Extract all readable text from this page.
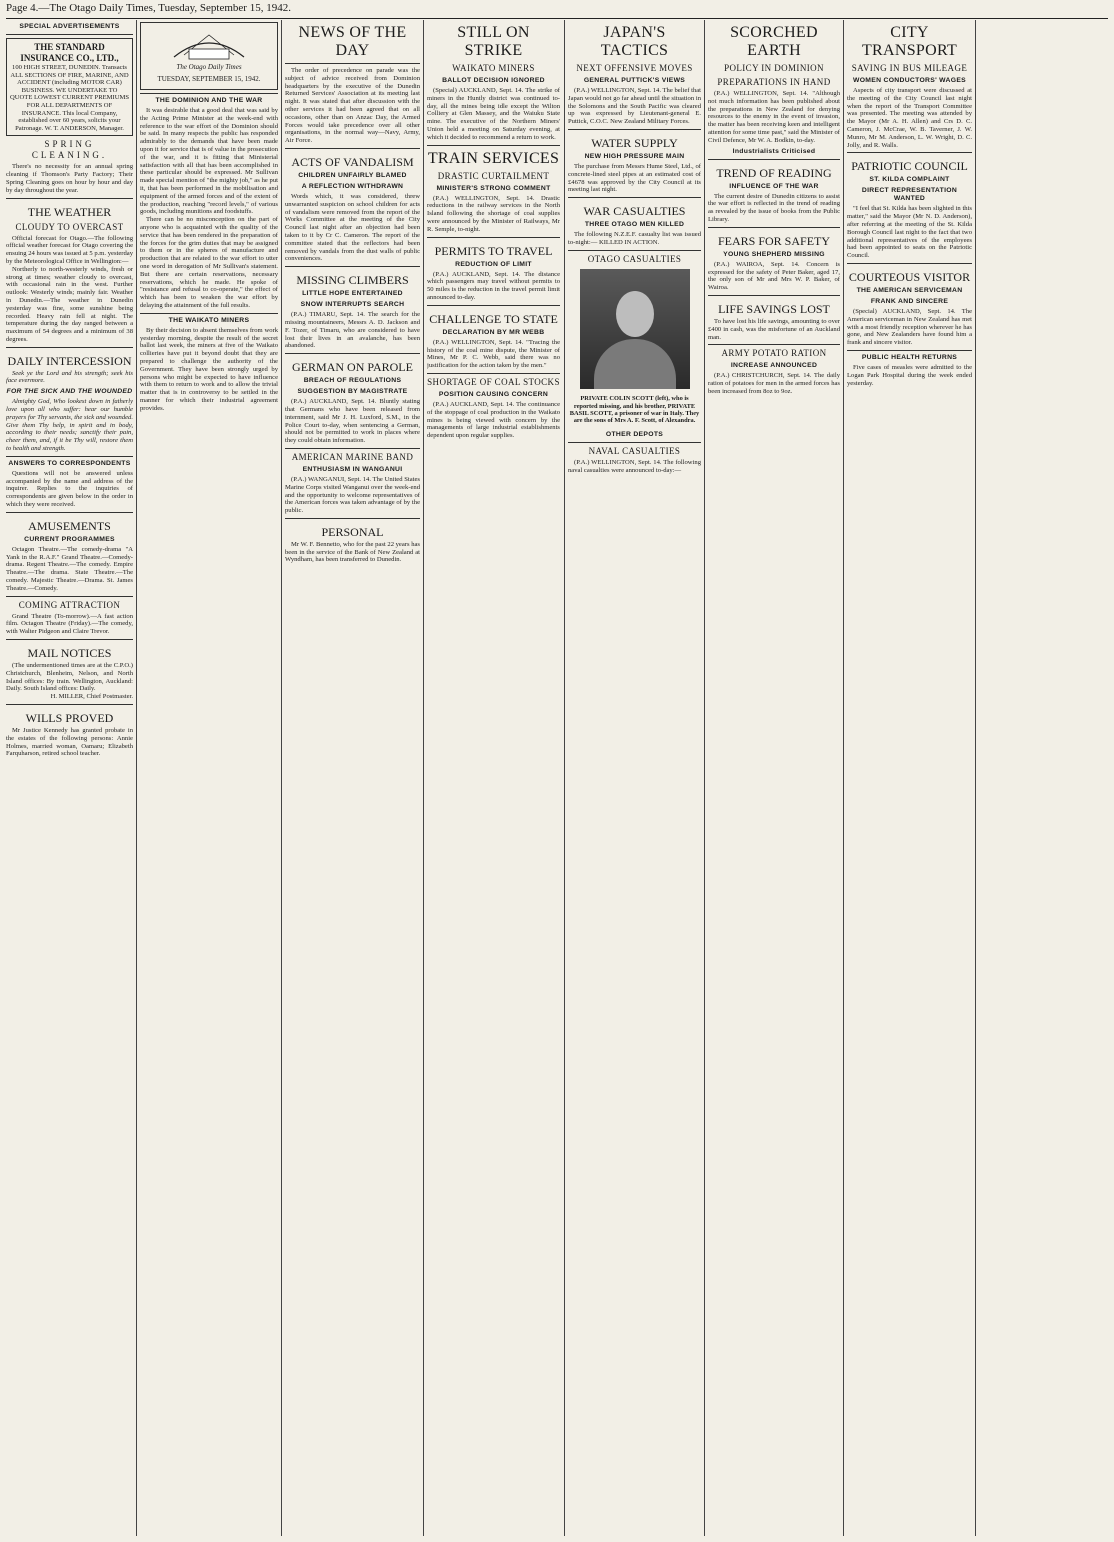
Page 4.—The Otago Daily Times, Tuesday, September 15, 1942.
SPECIAL ADVERTISEMENTS
THE STANDARD INSURANCE CO., LTD.,
100 HIGH STREET, DUNEDIN. Transacts ALL SECTIONS OF FIRE, MARINE, AND ACCIDENT (including MOTOR CAR) BUSINESS. WE UNDERTAKE TO QUOTE LOWEST CURRENT PREMIUMS FOR ALL DEPARTMENTS OF INSURANCE. This local Company, established over 60 years, solicits your Patronage. W. T. ANDERSON, Manager.
SPRING CLEANING.

There's no necessity for an annual spring cleaning if Thomson's Party Factory; Their Spring Cleaning goes on hour by hour and day by day throughout the year.

THE WEATHER
CLOUDY TO OVERCAST

Official forecast for Otago.—The following official weather forecast for Otago covering the ensuing 24 hours was issued at 5 p.m. yesterday by the Meteorological Office in Wellington:—

Northerly to north-westerly winds, fresh or strong at times; weather cloudy to overcast, with occasional rain in the west. Further outlook: Westerly winds; mainly fair. Weather in Dunedin.—The weather in Dunedin yesterday was fine, some sunshine being recorded. Heavy rain fell at night. The temperature during the day ranged between a maximum of 54 degrees and a minimum of 38 degrees.

DAILY INTERCESSION

Seek ye the Lord and his strength; seek his face evermore.

FOR THE SICK AND THE WOUNDED

Almighty God, Who lookest down in fatherly love upon all who suffer: hear our humble prayers for Thy servants, the sick and wounded. Give them Thy help, in spirit and in body, according to their needs; sanctify their pain, cheer them, and, if it be Thy will, restore them to health and strength.

ANSWERS TO CORRESPONDENTS

Questions will not be answered unless accompanied by the name and address of the inquirer. Replies to the inquiries of correspondents are given below in the order in which they were received.

AMUSEMENTS
CURRENT PROGRAMMES

Octagon Theatre.—The comedy-drama "A Yank in the R.A.F." Grand Theatre.—Comedy-drama. Regent Theatre.—The comedy. Empire Theatre.—The drama. State Theatre.—The comedy. Majestic Theatre.—Drama. St. James Theatre.—Comedy.

COMING ATTRACTION

Grand Theatre (To-morrow).—A fast action film. Octagon Theatre (Friday).—The comedy, with Walter Pidgeon and Claire Trevor.

MAIL NOTICES

(The undermentioned times are at the C.P.O.) Christchurch, Blenheim, Nelson, and North Island offices: By train. Wellington, Auckland: Daily. South Island offices: Daily.

H. MILLER, Chief Postmaster.

WILLS PROVED

Mr Justice Kennedy has granted probate in the estates of the following persons: Annie Holmes, married woman, Oamaru; Elizabeth Farquharson, retired school teacher.

The Otago Daily Times
TUESDAY, SEPTEMBER 15, 1942.
THE DOMINION AND THE WAR

It was desirable that a good deal that was said by the Acting Prime Minister at the week-end with reference to the war effort of the Dominion should be said. In many respects the public has responded admirably to the demands that have been made upon it for service that is of value in the prosecution of the war, and it is fitting that Ministerial satisfaction with all that has been accomplished in these particular should be expressed. Mr Sullivan made special mention of "the mighty job," as he put it, that has been performed in the mobilisation and equipment of the armed forces and of the extent of the production, reaching "record levels," of various goods, including munitions and foodstuffs.

There can be no misconception on the part of anyone who is acquainted with the quality of the service that has been rendered in the preparation of the forces for the grim duties that may be assigned to them or in the spheres of manufacture and production that are related to the war effort to utter one word in derogation of Mr Sullivan's statement. But there are certain reservations, necessary reservations, which he made. He spoke of "resistance and refusal to co-operate," the effect of which has been to weaken the war effort by delaying the attainment of the full results.

THE WAIKATO MINERS

By their decision to absent themselves from work yesterday morning, despite the result of the secret ballot last week, the miners at five of the Waikato collieries have put it beyond doubt that they are prepared to challenge the authority of the Government. They have been strongly urged by persons who might be expected to have influence with them to return to work and to allow the trivial matter that is in controversy to be settled in the manner for which their industrial agreement provides.

NEWS OF THE DAY

The order of precedence on parade was the subject of advice received from Dominion headquarters by the executive of the Dunedin Returned Services' Association at its meeting last night. It was stated that after discussion with the other services it had been agreed that on all occasions, other than on Anzac Day, the Armed Forces would take precedence over all other organisations, in the normal way—Navy, Army, Air Force.

ACTS OF VANDALISM
CHILDREN UNFAIRLY BLAMED
A REFLECTION WITHDRAWN

Words which, it was considered, threw unwarranted suspicion on school children for acts of vandalism were removed from the report of the Works Committee at the meeting of the City Council last night after an objection had been taken to it by Cr C. Cameron. The report of the committee stated that the reflectors had been removed by vandals from the dust walls of public conveniences.

MISSING CLIMBERS
LITTLE HOPE ENTERTAINED
SNOW INTERRUPTS SEARCH

(P.A.) TIMARU, Sept. 14. The search for the missing mountaineers, Messrs A. D. Jackson and F. Tozer, of Timaru, who are considered to have lost their lives in an avalanche, has been abandoned.

GERMAN ON PAROLE
BREACH OF REGULATIONS
SUGGESTION BY MAGISTRATE

(P.A.) AUCKLAND, Sept. 14. Bluntly stating that Germans who have been released from internment, said Mr J. H. Luxford, S.M., in the Police Court to-day, when sentencing a German, should not be permitted to work in places where they could obtain information.

AMERICAN MARINE BAND
ENTHUSIASM IN WANGANUI

(P.A.) WANGANUI, Sept. 14. The United States Marine Corps visited Wanganui over the week-end and the opportunity to welcome representatives of the American forces was taken advantage of by the public.

PERSONAL

Mr W. F. Bennetto, who for the past 22 years has been in the service of the Bank of New Zealand at Wyndham, has been transferred to Dunedin.

STILL ON STRIKE
WAIKATO MINERS
BALLOT DECISION IGNORED

(Special) AUCKLAND, Sept. 14. The strike of miners in the Huntly district was continued to-day, all the mines being idle except the Wilton Colliery at Glen Massey, and the Waiuku State mine. The executive of the Northern Miners' Union held a meeting on Saturday evening, at which it decided to recommend a return to work.

TRAIN SERVICES
DRASTIC CURTAILMENT
MINISTER'S STRONG COMMENT

(P.A.) WELLINGTON, Sept. 14. Drastic reductions in the railway services in the North Island following the shortage of coal supplies were announced by the Minister of Railways, Mr R. Semple, to-night.

PERMITS TO TRAVEL
REDUCTION OF LIMIT

(P.A.) AUCKLAND, Sept. 14. The distance which passengers may travel without permits to 50 miles is the reduction in the travel permit limit announced to-day.

CHALLENGE TO STATE
DECLARATION BY MR WEBB

(P.A.) WELLINGTON, Sept. 14. "Tracing the history of the coal mine dispute, the Minister of Mines, Mr P. C. Webb, said there was no justification for the action taken by the men."

SHORTAGE OF COAL STOCKS
POSITION CAUSING CONCERN

(P.A.) AUCKLAND, Sept. 14. The continuance of the stoppage of coal production in the Waikato mines is being viewed with concern by the managements of large industrial establishments dependent upon regular supplies.

JAPAN'S TACTICS
NEXT OFFENSIVE MOVES
GENERAL PUTTICK'S VIEWS

(P.A.) WELLINGTON, Sept. 14. The belief that Japan would not go far ahead until the situation in the Solomons and the South Pacific was cleared up was expressed by Lieutenant-general E. Puttick, C.O.C. New Zealand Military Forces.

WATER SUPPLY
NEW HIGH PRESSURE MAIN

The purchase from Messrs Hume Steel, Ltd., of concrete-lined steel pipes at an estimated cost of £4678 was approved by the City Council at its meeting last night.

WAR CASUALTIES
THREE OTAGO MEN KILLED

The following N.Z.E.F. casualty list was issued to-night:— KILLED IN ACTION.

OTAGO CASUALTIES

PRIVATE COLIN SCOTT (left), who is reported missing, and his brother, PRIVATE BASIL SCOTT, a prisoner of war in Italy. They are the sons of Mrs A. F. Scott, of Alexandra.

OTHER DEPOTS
NAVAL CASUALTIES

(P.A.) WELLINGTON, Sept. 14. The following naval casualties were announced to-day:—

SCORCHED EARTH
POLICY IN DOMINION
PREPARATIONS IN HAND

(P.A.) WELLINGTON, Sept. 14. "Although not much information has been published about the preparations in New Zealand for denying resources to the enemy in the event of invasion, the matter has been receiving keen and intelligent attention for some time past," said the Minister of Civil Defence, Mr W. A. Bodkin, to-day.

Industrialists Criticised
TREND OF READING
INFLUENCE OF THE WAR

The current desire of Dunedin citizens to assist the war effort is reflected in the trend of reading as revealed by the issue of books from the Public Library.

FEARS FOR SAFETY
YOUNG SHEPHERD MISSING

(P.A.) WAIROA, Sept. 14. Concern is expressed for the safety of Peter Baker, aged 17, the only son of Mr and Mrs W. P. Baker, of Wairoa.

LIFE SAVINGS LOST

To have lost his life savings, amounting to over £400 in cash, was the misfortune of an Auckland man.

ARMY POTATO RATION
INCREASE ANNOUNCED

(P.A.) CHRISTCHURCH, Sept. 14. The daily ration of potatoes for men in the armed forces has been increased from 8oz to 9oz.

CITY TRANSPORT
SAVING IN BUS MILEAGE
WOMEN CONDUCTORS' WAGES

Aspects of city transport were discussed at the meeting of the City Council last night when the report of the Transport Committee was presented. The meeting was attended by the Mayor (Mr A. H. Allen) and Crs D. C. Cameron, J. McCrae, W. B. Taverner, J. W. Munro, Mr M. Anderson, L. W. Wright, D. C. Jolly, and R. Walls.

PATRIOTIC COUNCIL
ST. KILDA COMPLAINT
DIRECT REPRESENTATION WANTED

"I feel that St. Kilda has been slighted in this matter," said the Mayor (Mr N. D. Anderson), after referring at the meeting of the St. Kilda Borough Council last night to the fact that two additional representatives of the employees had been appointed to seats on the Patriotic Council.

COURTEOUS VISITOR
THE AMERICAN SERVICEMAN
FRANK AND SINCERE

(Special) AUCKLAND, Sept. 14. The American serviceman in New Zealand has met with a most friendly reception wherever he has gone, and New Zealanders have found him a frank and sincere visitor.

PUBLIC HEALTH RETURNS

Five cases of measles were admitted to the Logan Park Hospital during the week ended yesterday.
